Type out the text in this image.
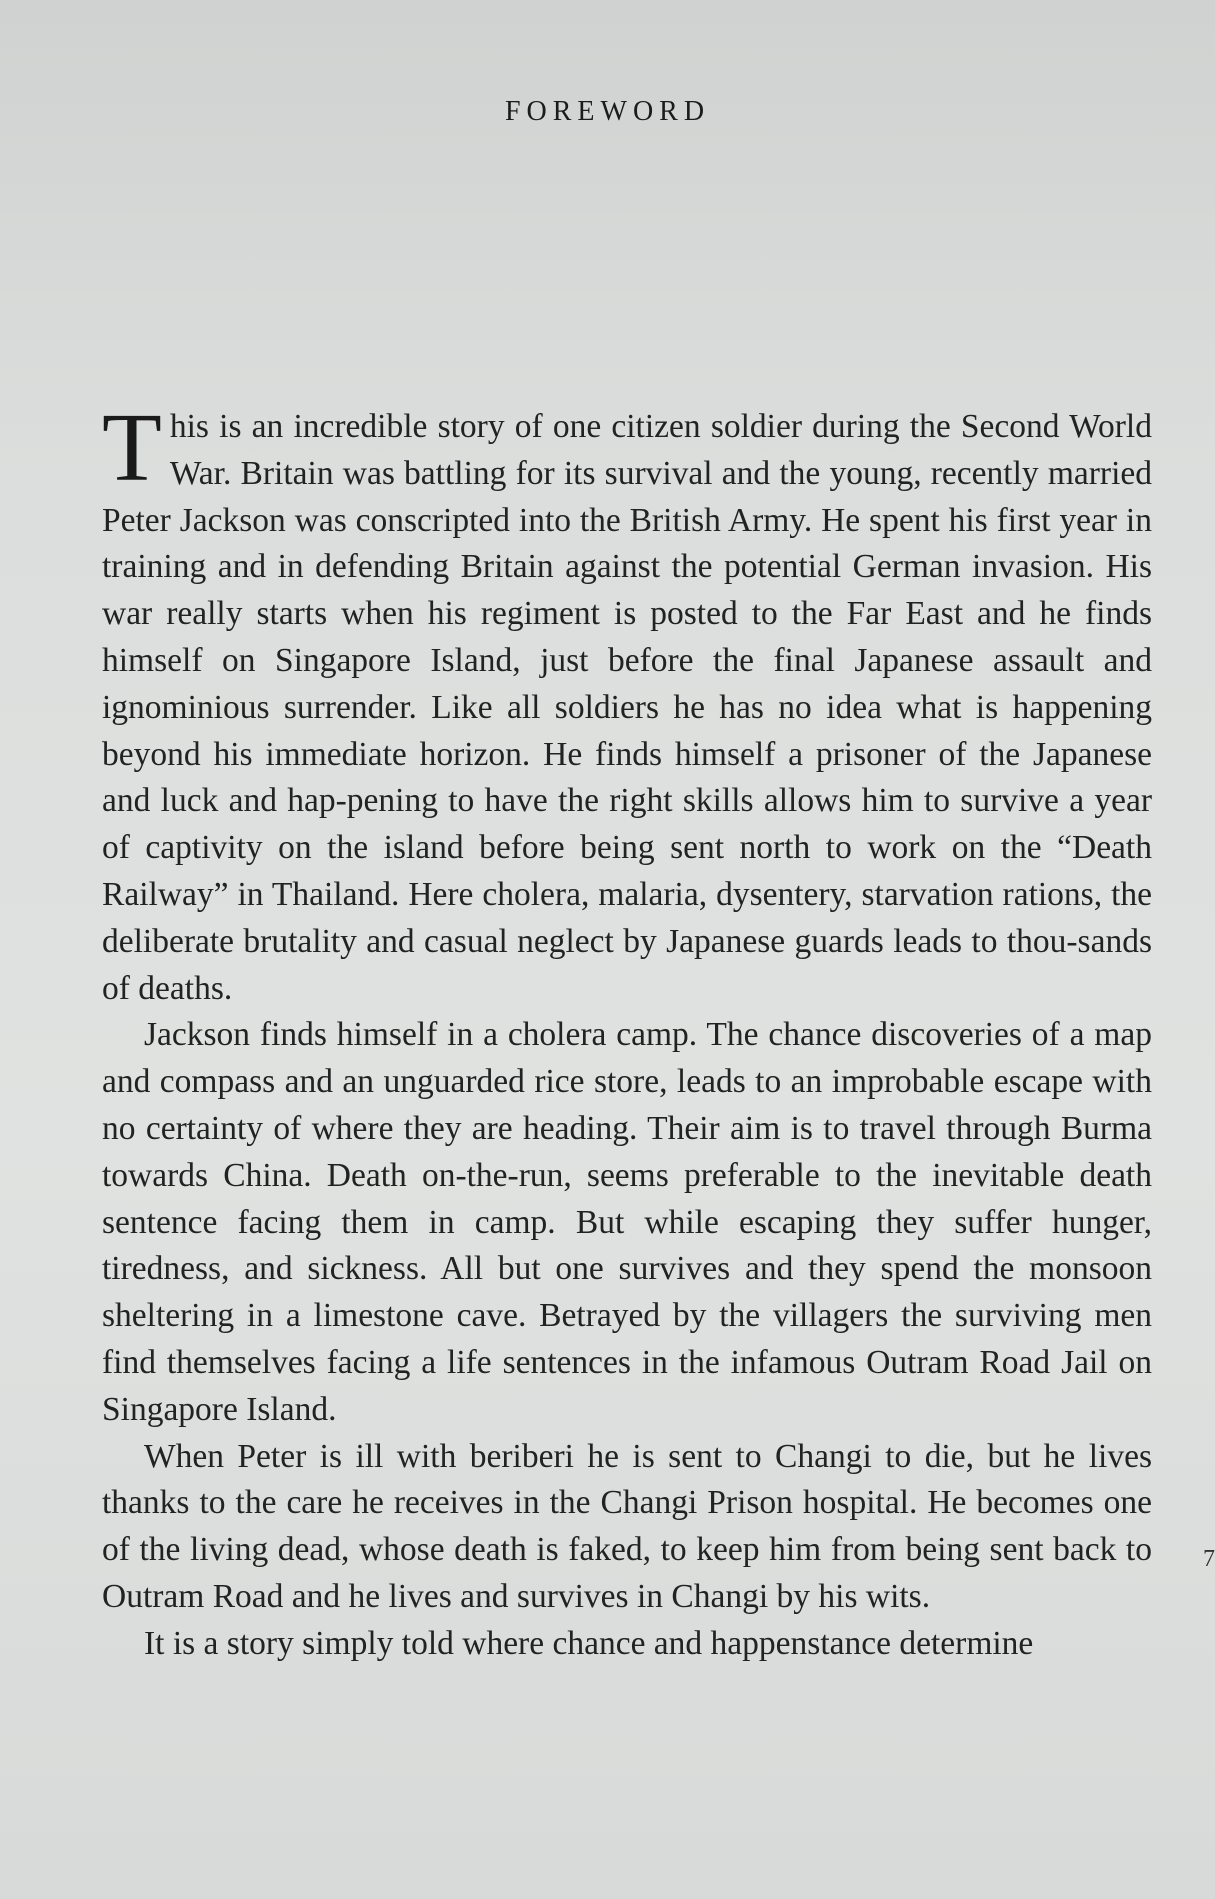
FOREWORD

This is an incredible story of one citizen soldier during the Second World War. Britain was battling for its survival and the young, recently married Peter Jackson was conscripted into the British Army. He spent his first year in training and in defending Britain against the potential German invasion. His war really starts when his regiment is posted to the Far East and he finds himself on Singapore Island, just before the final Japanese assault and ignominious surrender. Like all soldiers he has no idea what is happening beyond his immediate horizon. He finds himself a prisoner of the Japanese and luck and hap-pening to have the right skills allows him to survive a year of captivity on the island before being sent north to work on the “Death Railway” in Thailand. Here cholera, malaria, dysentery, starvation rations, the deliberate brutality and casual neglect by Japanese guards leads to thou-sands of deaths.

Jackson finds himself in a cholera camp. The chance discoveries of a map and compass and an unguarded rice store, leads to an improbable escape with no certainty of where they are heading. Their aim is to travel through Burma towards China. Death on-the-run, seems preferable to the inevitable death sentence facing them in camp. But while escaping they suffer hunger, tiredness, and sickness. All but one survives and they spend the monsoon sheltering in a limestone cave. Betrayed by the villagers the surviving men find themselves facing a life sentences in the infamous Outram Road Jail on Singapore Island.

When Peter is ill with beriberi he is sent to Changi to die, but he lives thanks to the care he receives in the Changi Prison hospital. He becomes one of the living dead, whose death is faked, to keep him from being sent back to Outram Road and he lives and survives in Changi by his wits.

It is a story simply told where chance and happenstance determine

7
